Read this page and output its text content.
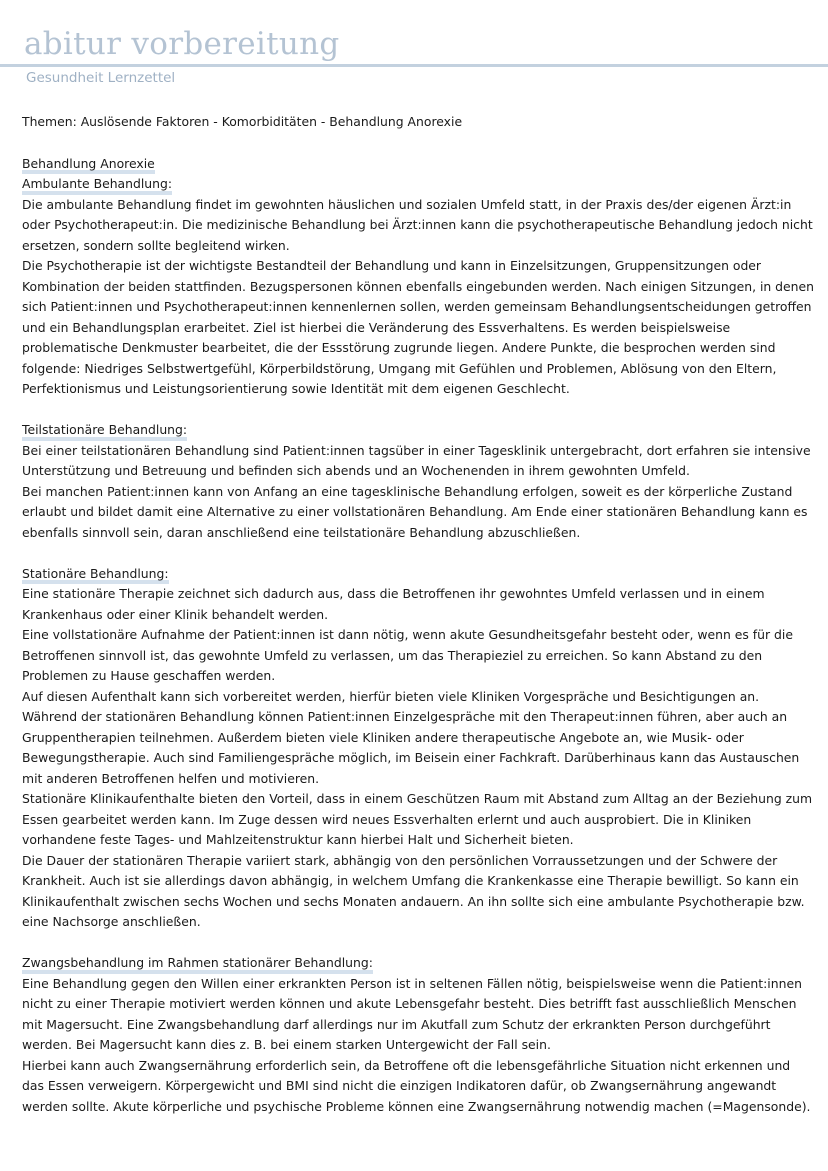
abitur vorbereitung
Gesundheit Lernzettel

Themen: Auslösende Faktoren - Komorbiditäten - Behandlung Anorexie

Behandlung Anorexie
Ambulante Behandlung:

Die ambulante Behandlung findet im gewohnten häuslichen und sozialen Umfeld statt, in der Praxis des/der eigenen Ärzt:in oder Psychotherapeut:in. Die medizinische Behandlung bei Ärzt:innen kann die psychotherapeutische Behandlung jedoch nicht ersetzen, sondern sollte begleitend wirken.

Die Psychotherapie ist der wichtigste Bestandteil der Behandlung und kann in Einzelsitzungen, Gruppensitzungen oder Kombination der beiden stattfinden. Bezugspersonen können ebenfalls eingebunden werden. Nach einigen Sitzungen, in denen sich Patient:innen und Psychotherapeut:innen kennenlernen sollen, werden gemeinsam Behandlungsentscheidungen getroffen und ein Behandlungsplan erarbeitet. Ziel ist hierbei die Veränderung des Essverhaltens. Es werden beispielsweise problematische Denkmuster bearbeitet, die der Essstörung zugrunde liegen. Andere Punkte, die besprochen werden sind folgende: Niedriges Selbstwertgefühl, Körperbildstörung, Umgang mit Gefühlen und Problemen, Ablösung von den Eltern, Perfektionismus und Leistungsorientierung sowie Identität mit dem eigenen Geschlecht.

Teilstationäre Behandlung:

Bei einer teilstationären Behandlung sind Patient:innen tagsüber in einer Tagesklinik untergebracht, dort erfahren sie intensive Unterstützung und Betreuung und befinden sich abends und an Wochenenden in ihrem gewohnten Umfeld.

Bei manchen Patient:innen kann von Anfang an eine tagesklinische Behandlung erfolgen, soweit es der körperliche Zustand erlaubt und bildet damit eine Alternative zu einer vollstationären Behandlung. Am Ende einer stationären Behandlung kann es ebenfalls sinnvoll sein, daran anschließend eine teilstationäre Behandlung abzuschließen.

Stationäre Behandlung:

Eine stationäre Therapie zeichnet sich dadurch aus, dass die Betroffenen ihr gewohntes Umfeld verlassen und in einem Krankenhaus oder einer Klinik behandelt werden.

Eine vollstationäre Aufnahme der Patient:innen ist dann nötig, wenn akute Gesundheitsgefahr besteht oder, wenn es für die Betroffenen sinnvoll ist, das gewohnte Umfeld zu verlassen, um das Therapieziel zu erreichen. So kann Abstand zu den Problemen zu Hause geschaffen werden.

Auf diesen Aufenthalt kann sich vorbereitet werden, hierfür bieten viele Kliniken Vorgespräche und Besichtigungen an.

Während der stationären Behandlung können Patient:innen Einzelgespräche mit den Therapeut:innen führen, aber auch an Gruppentherapien teilnehmen. Außerdem bieten viele Kliniken andere therapeutische Angebote an, wie Musik- oder Bewegungstherapie. Auch sind Familiengespräche möglich, im Beisein einer Fachkraft. Darüberhinaus kann das Austauschen mit anderen Betroffenen helfen und motivieren.

Stationäre Klinikaufenthalte bieten den Vorteil, dass in einem Geschützen Raum mit Abstand zum Alltag an der Beziehung zum Essen gearbeitet werden kann. Im Zuge dessen wird neues Essverhalten erlernt und auch ausprobiert. Die in Kliniken vorhandene feste Tages- und Mahlzeitenstruktur kann hierbei Halt und Sicherheit bieten.

Die Dauer der stationären Therapie variiert stark, abhängig von den persönlichen Vorraussetzungen und der Schwere der Krankheit. Auch ist sie allerdings davon abhängig, in welchem Umfang die Krankenkasse eine Therapie bewilligt. So kann ein Klinikaufenthalt zwischen sechs Wochen und sechs Monaten andauern. An ihn sollte sich eine ambulante Psychotherapie bzw. eine Nachsorge anschließen.

Zwangsbehandlung im Rahmen stationärer Behandlung:

Eine Behandlung gegen den Willen einer erkrankten Person ist in seltenen Fällen nötig, beispielsweise wenn die Patient:innen nicht zu einer Therapie motiviert werden können und akute Lebensgefahr besteht. Dies betrifft fast ausschließlich Menschen mit Magersucht. Eine Zwangsbehandlung darf allerdings nur im Akutfall zum Schutz der erkrankten Person durchgeführt werden. Bei Magersucht kann dies z. B. bei einem starken Untergewicht der Fall sein.

Hierbei kann auch Zwangsernährung erforderlich sein, da Betroffene oft die lebensgefährliche Situation nicht erkennen und das Essen verweigern. Körpergewicht und BMI sind nicht die einzigen Indikatoren dafür, ob Zwangsernährung angewandt werden sollte. Akute körperliche und psychische Probleme können eine Zwangsernährung notwendig machen (=Magensonde).
